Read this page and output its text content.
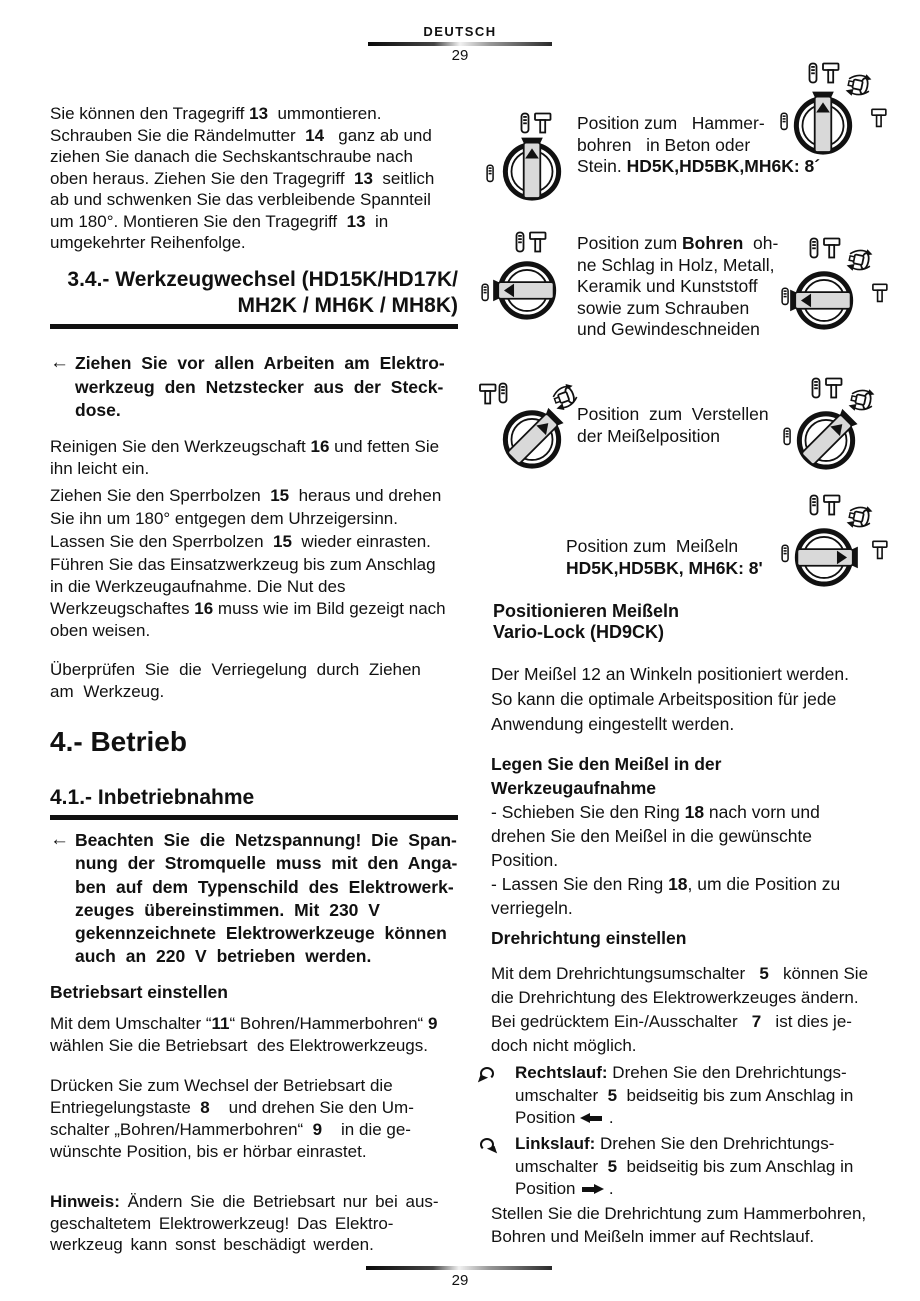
DEUTSCH
29
Sie können den Tragegriff 13  ummontieren.
Schrauben Sie die Rändelmutter  14   ganz ab und
ziehen Sie danach die Sechskantschraube nach
oben heraus. Ziehen Sie den Tragegriff  13  seitlich
ab und schwenken Sie das verbleibende Spannteil
um 180°. Montieren Sie den Tragegriff  13  in
umgekehrter Reihenfolge.
3.4.- Werkzeugwechsel (HD15K/HD17K/
MH2K / MH6K / MH8K)
← Ziehen Sie vor allen Arbeiten am Elektro-
werkzeug den Netzstecker aus der Steck-
dose.
Reinigen Sie den Werkzeugschaft 16 und fetten Sie
ihn leicht ein.
Ziehen Sie den Sperrbolzen  15  heraus und drehen
Sie ihn um 180° entgegen dem Uhrzeigersinn.
Lassen Sie den Sperrbolzen  15  wieder einrasten.
Führen Sie das Einsatzwerkzeug bis zum Anschlag
in die Werkzeugaufnahme. Die Nut des
Werkzeugschaftes 16 muss wie im Bild gezeigt nach
oben weisen.
Überprüfen Sie die Verriegelung durch Ziehen
am Werkzeug.
4.- Betrieb
4.1.- Inbetriebnahme
← Beachten Sie die Netzspannung! Die Span-
nung der Stromquelle muss mit den Anga-
ben auf dem Typenschild des Elektrowerk-
zeuges übereinstimmen. Mit 230 V
gekennzeichnete Elektrowerkzeuge können
auch an 220 V betrieben werden.
Betriebsart einstellen
Mit dem Umschalter “11“ Bohren/Hammerbohren“ 9
wählen Sie die Betriebsart  des Elektrowerkzeugs.
Drücken Sie zum Wechsel der Betriebsart die
Entriegelungstaste  8    und drehen Sie den Um-
schalter „Bohren/Hammerbohren“  9    in die ge-
wünschte Position, bis er hörbar einrastet.
Hinweis: Ändern Sie die Betriebsart nur bei aus-
geschaltetem Elektrowerkzeug! Das Elektro-
werkzeug kann sonst beschädigt werden.
Position zum   Hammer-
bohren   in Beton oder
Stein. HD5K,HD5BK,MH6K: 8´
Position zum Bohren  oh-
ne Schlag in Holz, Metall,
Keramik und Kunststoff
sowie zum Schrauben
und Gewindeschneiden
Position  zum  Verstellen
der Meißelposition
Position zum  Meißeln
HD5K,HD5BK, MH6K: 8'
Positionieren Meißeln
Vario-Lock (HD9CK)
Der Meißel 12 an Winkeln positioniert werden.
So kann die optimale Arbeitsposition für jede
Anwendung eingestellt werden.
Legen Sie den Meißel in der
Werkzeugaufnahme
- Schieben Sie den Ring 18 nach vorn und
drehen Sie den Meißel in die gewünschte
Position.
- Lassen Sie den Ring 18, um die Position zu
verriegeln.
Drehrichtung einstellen
Mit dem Drehrichtungsumschalter   5   können Sie
die Drehrichtung des Elektrowerkzeuges ändern.
Bei gedrücktem Ein-/Ausschalter   7   ist dies je-
doch nicht möglich.
Rechtslauf: Drehen Sie den Drehrichtungs-
umschalter  5  beidseitig bis zum Anschlag in
Position  .
Linkslauf: Drehen Sie den Drehrichtungs-
umschalter  5  beidseitig bis zum Anschlag in
Position  .
Stellen Sie die Drehrichtung zum Hammerbohren,
Bohren und Meißeln immer auf Rechtslauf.
29
